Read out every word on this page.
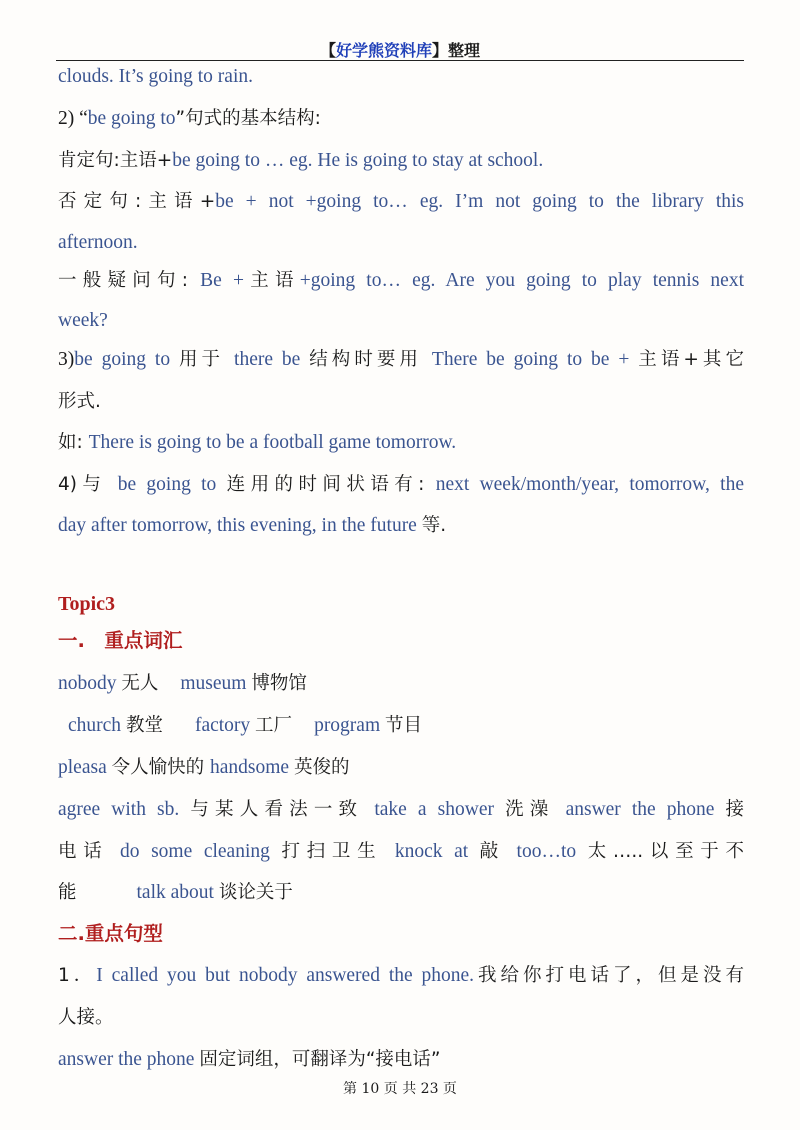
【好学熊资料库】整理
clouds. It’s going to rain.
2) “be going to”句式的基本结构:
肯定句:主语+be going to … eg. He is going to stay at school.
否定句:主语+be + not +going to… eg. I’m not going to the library this
afternoon.
一般疑问句: Be +主语+going to… eg. Are you going to play tennis next
week?
3)be going to 用于 there be 结构时要用 There be going to be + 主语+其它
形式.
如: There is going to be a football game tomorrow.
4)与 be going to 连用的时间状语有: next week/month/year, tomorrow, the
day after tomorrow, this evening, in the future 等.
Topic3
一.　重点词汇
nobody 无人 museum 博物馆
church 教堂 factory 工厂 program 节目
pleasa 令人愉快的 handsome 英俊的
agree with sb. 与某人看法一致 take a shower 洗澡 answer the phone 接
电话 do some cleaning 打扫卫生 knock at 敲 too…to 太…..以至于不
能	talk about 谈论关于
二.重点句型
1．I called you but nobody answered the phone.我给你打电话了，但是没有
人接。
answer the phone 固定词组，可翻译为“接电话”
第 10 页 共 23 页
